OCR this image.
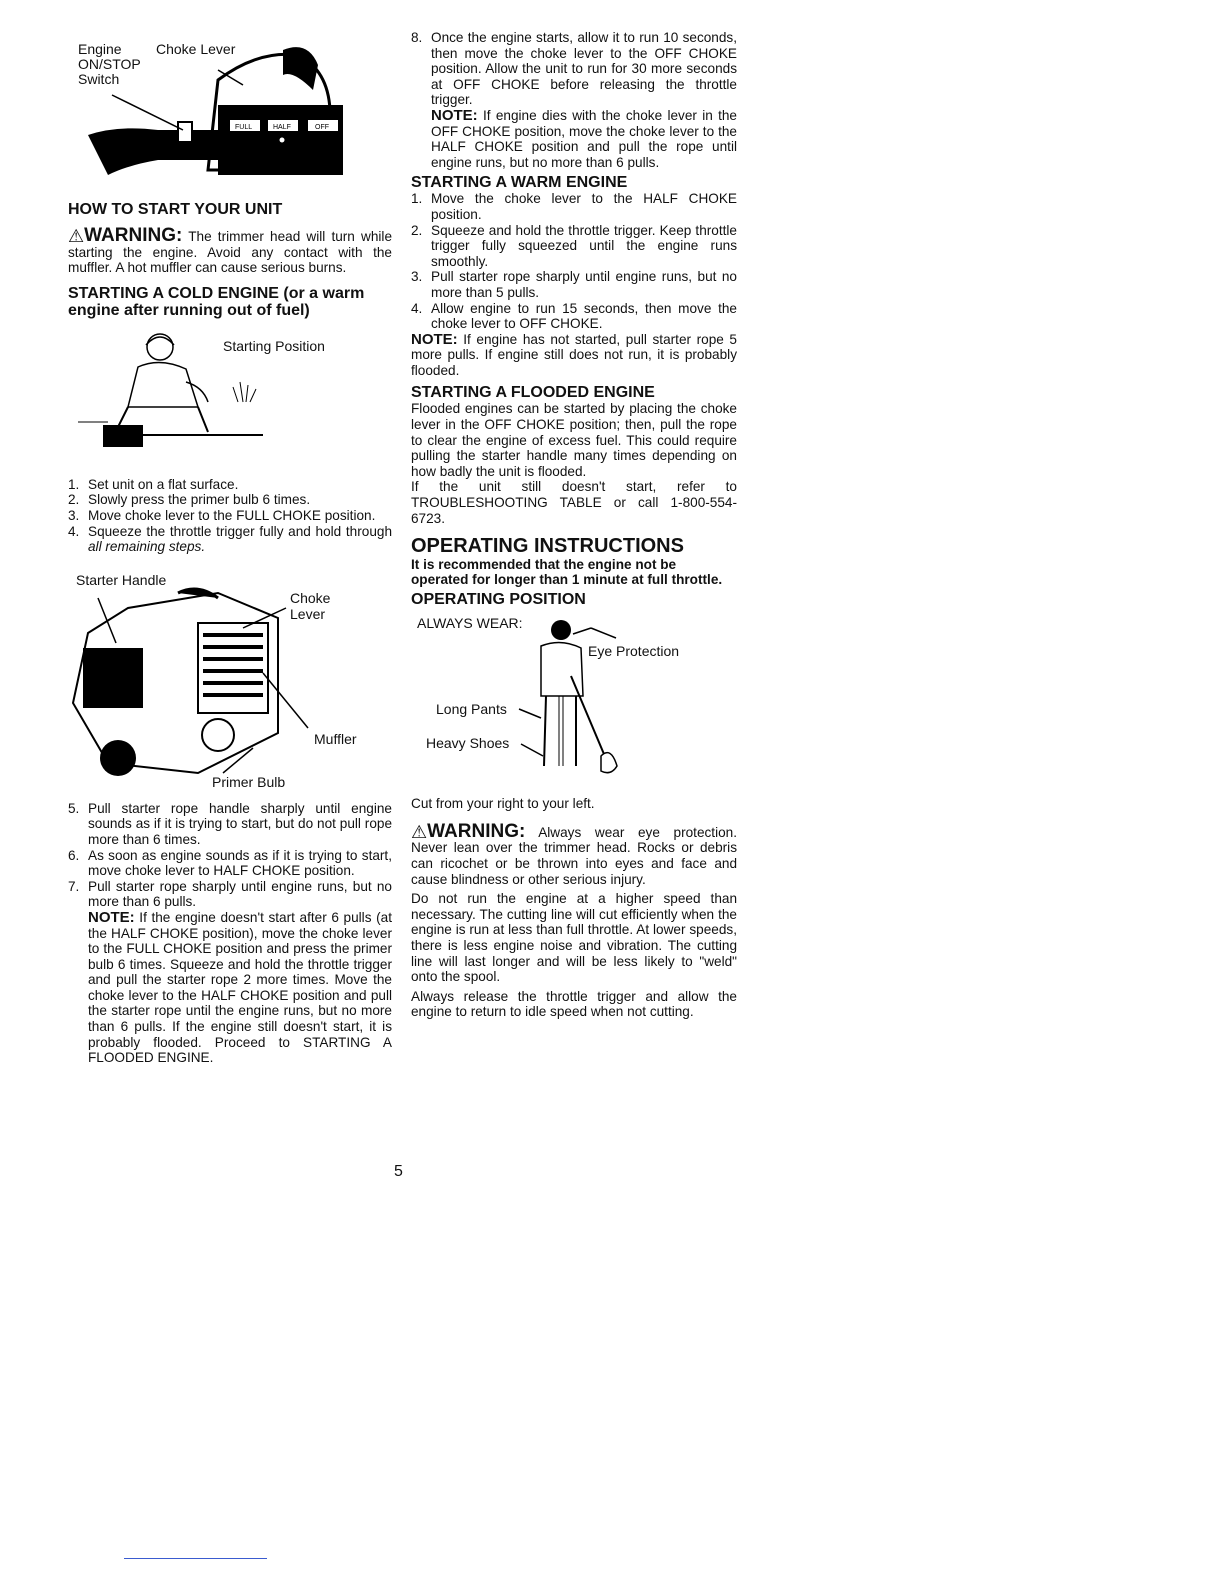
FULL	HALF	OFF
Engine
ON/STOP
Switch
Choke Lever
HOW TO START YOUR UNIT

⚠WARNING: The trimmer head will turn while starting the engine. Avoid any contact with the muffler. A hot muffler can cause serious burns.

STARTING A COLD ENGINE (or a warm engine after running out of fuel)
Starting Position
1. Set unit on a flat surface.
2. Slowly press the primer bulb 6 times.
3. Move choke lever to the FULL CHOKE position.
4. Squeeze the throttle trigger fully and hold through all remaining steps.
Starter Handle
Choke
Lever
Muffler
Primer Bulb
5. Pull starter rope handle sharply until engine sounds as if it is trying to start, but do not pull rope more than 6 times.
6. As soon as engine sounds as if it is trying to start, move choke lever to HALF CHOKE position.
7. Pull starter rope sharply until engine runs, but no more than 6 pulls.

NOTE: If the engine doesn't start after 6 pulls (at the HALF CHOKE position), move the choke lever to the FULL CHOKE position and press the primer bulb 6 times. Squeeze and hold the throttle trigger and pull the starter rope 2 more times. Move the choke lever to the HALF CHOKE position and pull the starter rope until the engine runs, but no more than 6 pulls. If the engine still doesn't start, it is probably flooded. Proceed to STARTING A FLOODED ENGINE.

8. Once the engine starts, allow it to run 10 seconds, then move the choke lever to the OFF CHOKE position. Allow the unit to run for 30 more seconds at OFF CHOKE before releasing the throttle trigger.

NOTE: If engine dies with the choke lever in the OFF CHOKE position, move the choke lever to the HALF CHOKE position and pull the rope until engine runs, but no more than 6 pulls.

STARTING A WARM ENGINE
1. Move the choke lever to the HALF CHOKE position.
2. Squeeze and hold the throttle trigger. Keep throttle trigger fully squeezed until the engine runs smoothly.
3. Pull starter rope sharply until engine runs, but no more than 5 pulls.
4. Allow engine to run 15 seconds, then move the choke lever to OFF CHOKE.

NOTE: If engine has not started, pull starter rope 5 more pulls. If engine still does not run, it is probably flooded.

STARTING A FLOODED ENGINE

Flooded engines can be started by placing the choke lever in the OFF CHOKE position; then, pull the rope to clear the engine of excess fuel. This could require pulling the starter handle many times depending on how badly the unit is flooded.

If the unit still doesn't start, refer to TROUBLESHOOTING TABLE or call 1-800-554-6723.

OPERATING INSTRUCTIONS

It is recommended that the engine not be operated for longer than 1 minute at full throttle.

OPERATING POSITION
ALWAYS WEAR:
Eye Protection
Long Pants
Heavy Shoes

Cut from your right to your left.

⚠WARNING: Always wear eye protection. Never lean over the trimmer head. Rocks or debris can ricochet or be thrown into eyes and face and cause blindness or other serious injury.

Do not run the engine at a higher speed than necessary. The cutting line will cut efficiently when the engine is run at less than full throttle. At lower speeds, there is less engine noise and vibration. The cutting line will last longer and will be less likely to "weld" onto the spool.

Always release the throttle trigger and allow the engine to return to idle speed when not cutting.

5
